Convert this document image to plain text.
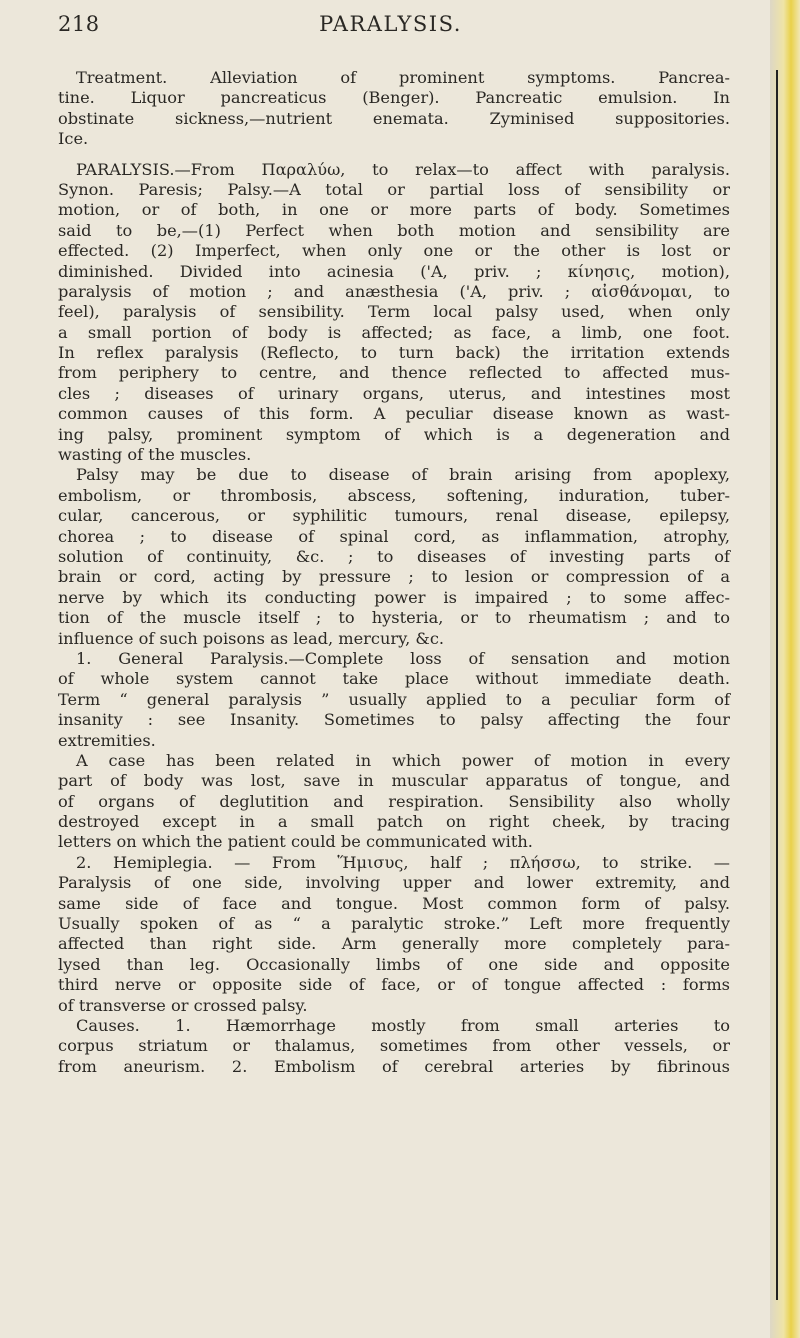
218	PARALYSIS.
Treatment. Alleviation of prominent symptoms. Pancrea-
tine. Liquor pancreaticus (Benger). Pancreatic emulsion. In
obstinate sickness,—nutrient enemata. Zyminised suppositories.
Ice.
PARALYSIS.—From Παραλύω, to relax—to affect with paralysis.
Synon. Paresis; Palsy.—A total or partial loss of sensibility or
motion, or of both, in one or more parts of body. Sometimes
said to be,—(1) Perfect when both motion and sensibility are
effected. (2) Imperfect, when only one or the other is lost or
diminished. Divided into acinesia ('A, priv. ; κίνησις, motion),
paralysis of motion ; and anæsthesia ('A, priv. ; αἰσθάνομαι, to
feel), paralysis of sensibility. Term local palsy used, when only
a small portion of body is affected; as face, a limb, one foot.
In reflex paralysis (Reflecto, to turn back) the irritation extends
from periphery to centre, and thence reflected to affected mus-
cles ; diseases of urinary organs, uterus, and intestines most
common causes of this form. A peculiar disease known as wast-
ing palsy, prominent symptom of which is a degeneration and
wasting of the muscles.
Palsy may be due to disease of brain arising from apoplexy,
embolism, or thrombosis, abscess, softening, induration, tuber-
cular, cancerous, or syphilitic tumours, renal disease, epilepsy,
chorea ; to disease of spinal cord, as inflammation, atrophy,
solution of continuity, &c. ; to diseases of investing parts of
brain or cord, acting by pressure ; to lesion or compression of a
nerve by which its conducting power is impaired ; to some affec-
tion of the muscle itself ; to hysteria, or to rheumatism ; and to
influence of such poisons as lead, mercury, &c.
1. General Paralysis.—Complete loss of sensation and motion
of whole system cannot take place without immediate death.
Term “ general paralysis ” usually applied to a peculiar form of
insanity : see Insanity. Sometimes to palsy affecting the four
extremities.
A case has been related in which power of motion in every
part of body was lost, save in muscular apparatus of tongue, and
of organs of deglutition and respiration. Sensibility also wholly
destroyed except in a small patch on right cheek, by tracing
letters on which the patient could be communicated with.
2. Hemiplegia. — From Ἥμισυς, half ; πλήσσω, to strike. —
Paralysis of one side, involving upper and lower extremity, and
same side of face and tongue. Most common form of palsy.
Usually spoken of as “ a paralytic stroke.” Left more frequently
affected than right side. Arm generally more completely para-
lysed than leg. Occasionally limbs of one side and opposite
third nerve or opposite side of face, or of tongue affected : forms
of transverse or crossed palsy.
Causes. 1. Hæmorrhage mostly from small arteries to
corpus striatum or thalamus, sometimes from other vessels, or
from aneurism. 2. Embolism of cerebral arteries by fibrinous
